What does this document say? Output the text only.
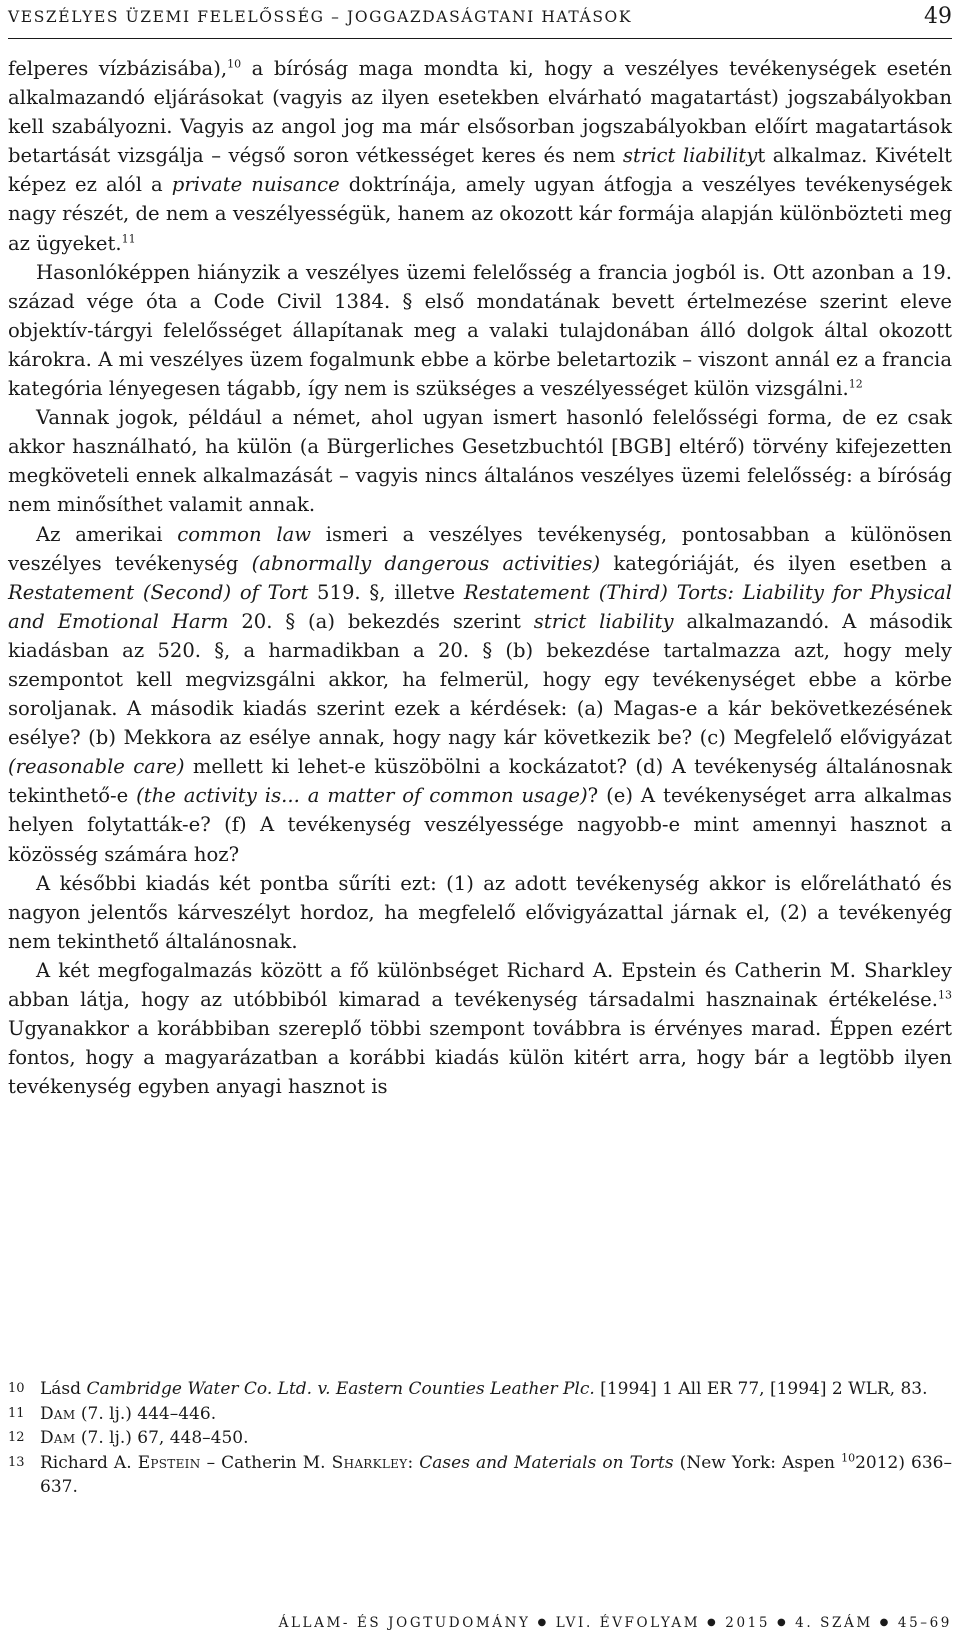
VESZÉLYES ÜZEMI FELELŐSSÉG – JOGGAZDASÁGTANI HATÁSOK	49

felperes vízbázisába),$^{10}$ a bíróság maga mondta ki, hogy a veszélyes tevékenységek esetén alkalmazandó eljárásokat (vagyis az ilyen esetekben elvárható magatartást) jogszabályokban kell szabályozni. Vagyis az angol jog ma már elsősorban jogszabályokban előírt magatartások betartását vizsgálja – végső soron vétkességet keres és nem strict liabilityt alkalmaz. Kivételt képez ez alól a private nuisance doktrínája, amely ugyan átfogja a veszélyes tevékenységek nagy részét, de nem a veszélyességük, hanem az okozott kár formája alapján különbözteti meg az ügyeket.$^{11}$

Hasonlóképpen hiányzik a veszélyes üzemi felelősség a francia jogból is. Ott azonban a 19. század vége óta a Code Civil 1384. § első mondatának bevett értelmezése szerint eleve objektív-tárgyi felelősséget állapítanak meg a valaki tulajdonában álló dolgok által okozott károkra. A mi veszélyes üzem fogalmunk ebbe a körbe beletartozik – viszont annál ez a francia kategória lényegesen tágabb, így nem is szükséges a veszélyességet külön vizsgálni.$^{12}$

Vannak jogok, például a német, ahol ugyan ismert hasonló felelősségi forma, de ez csak akkor használható, ha külön (a Bürgerliches Gesetzbuchtól [BGB] eltérő) törvény kifejezetten megköveteli ennek alkalmazását – vagyis nincs általános veszélyes üzemi felelősség: a bíróság nem minősíthet valamit annak.

Az amerikai common law ismeri a veszélyes tevékenység, pontosabban a különösen veszélyes tevékenység (abnormally dangerous activities) kategóriáját, és ilyen esetben a Restatement (Second) of Tort 519. §, illetve Restatement (Third) Torts: Liability for Physical and Emotional Harm 20. § (a) bekezdés szerint strict liability alkalmazandó. A második kiadásban az 520. §, a harmadikban a 20. § (b) bekezdése tartalmazza azt, hogy mely szempontot kell megvizsgálni akkor, ha felmerül, hogy egy tevékenységet ebbe a körbe soroljanak. A második kiadás szerint ezek a kérdések: (a) Magas-e a kár bekövetkezésének esélye? (b) Mekkora az esélye annak, hogy nagy kár következik be? (c) Megfelelő elővigyázat (reasonable care) mellett ki lehet-e küszöbölni a kockázatot? (d) A tevékenység általánosnak tekinthető-e (the activity is... a matter of common usage)? (e) A tevékenységet arra alkalmas helyen folytatták-e? (f) A tevékenység veszélyessége nagyobb-e mint amennyi hasznot a közösség számára hoz?

A későbbi kiadás két pontba sűríti ezt: (1) az adott tevékenység akkor is előrelátható és nagyon jelentős kárveszélyt hordoz, ha megfelelő elővigyázattal járnak el, (2) a tevékenyég nem tekinthető általánosnak.

A két megfogalmazás között a fő különbséget Richard A. Epstein és Catherin M. Sharkley abban látja, hogy az utóbbiból kimarad a tevékenység társadalmi hasznainak értékelése.$^{13}$ Ugyanakkor a korábbiban szereplő többi szempont továbbra is érvényes marad. Éppen ezért fontos, hogy a magyarázatban a korábbi kiadás külön kitért arra, hogy bár a legtöbb ilyen tevékenység egyben anyagi hasznot is

10 Lásd Cambridge Water Co. Ltd. v. Eastern Counties Leather Plc. [1994] 1 All ER 77, [1994] 2 WLR, 83.
11 Dam (7. lj.) 444–446.
12 Dam (7. lj.) 67, 448–450.
13 Richard A. Epstein – Catherin M. Sharkley: Cases and Materials on Torts (New York: Aspen $^{10}$2012) 636–637.
ÁLLAM- ÉS JOGTUDOMÁNY ● LVI. ÉVFOLYAM ● 2015 ● 4. SZÁM ● 45–69
